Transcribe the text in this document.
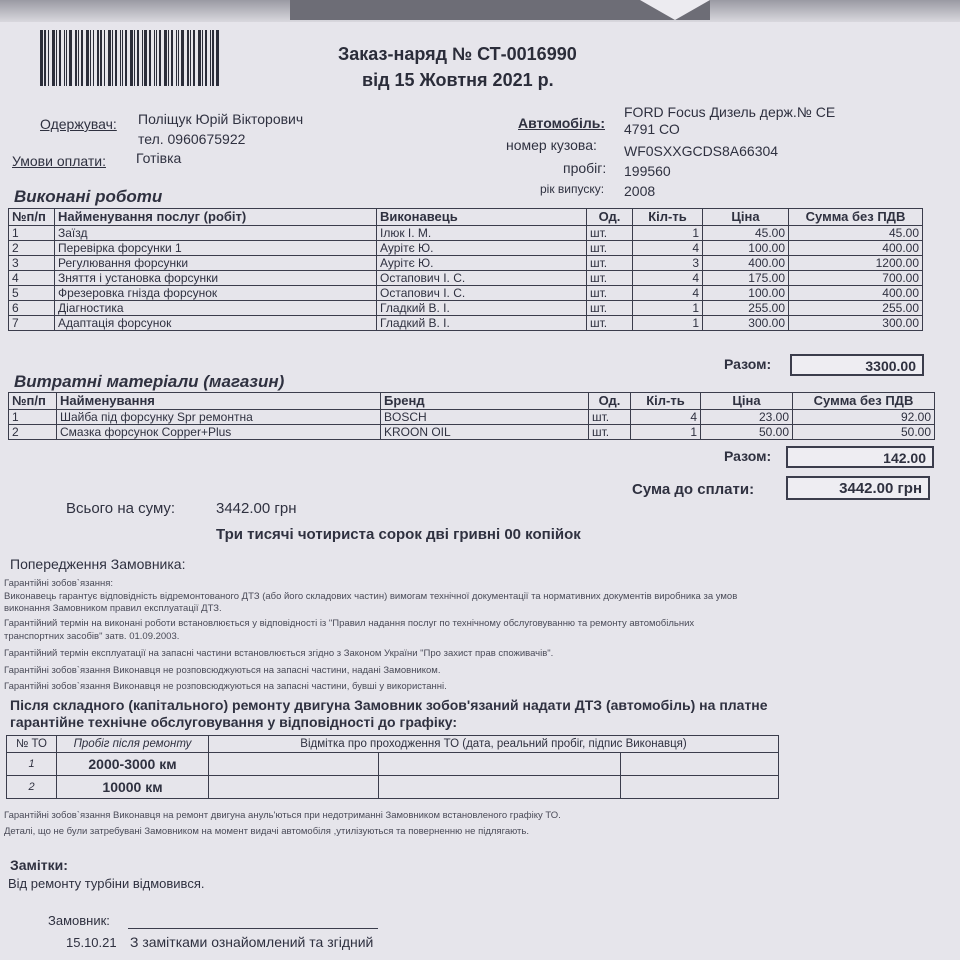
Заказ-наряд № СТ-0016990
від 15 Жовтня 2021 р.
Одержувач: Поліщук Юрій Вікторович
тел. 0960675922
Умови оплати: Готівка
FORD Focus Дизель держ.№ СЕ
Автомобіль: 4791 СО
номер кузова: WF0SXXGCDS8A66304
пробіг: 199560
рік випуску: 2008
Виконані роботи
№п/п	Найменування послуг (робіт)	Виконавець	Од.	Кіл-ть	Ціна	Сумма без ПДВ
1	Заїзд	Ілюк І. М.	шт.	1	45.00	45.00
2	Перевірка форсунки 1	Аурітє Ю.	шт.	4	100.00	400.00
3	Регулювання форсунки	Аурітє Ю.	шт.	3	400.00	1200.00
4	Зняття і установка форсунки	Остапович І. С.	шт.	4	175.00	700.00
5	Фрезеровка гнізда форсунок	Остапович І. С.	шт.	4	100.00	400.00
6	Діагностика	Гладкий В. І.	шт.	1	255.00	255.00
7	Адаптація форсунок	Гладкий В. І.	шт.	1	300.00	300.00
Разом:	3300.00
Витратні матеріали (магазин)
№п/п	Найменування	Бренд	Од.	Кіл-ть	Ціна	Сумма без ПДВ
1	Шайба під форсунку Spr ремонтна	BOSCH	шт.	4	23.00	92.00
2	Смазка форсунок Copper+Plus	KROON OIL	шт.	1	50.00	50.00
Разом:	142.00
Сума до сплати:	3442.00 грн
Всього на суму:	3442.00 грн
Три тисячі чотириста сорок дві гривні 00 копійок
Попередження Замовника:
Гарантійні зобов`язання:
Виконавець гарантує відповідність відремонтованого ДТЗ (або його складових частин) вимогам технічної документації та нормативних документів виробника за умов
виконання Замовником правил експлуатації ДТЗ.
Гарантійний термін на виконані роботи встановлюється у відповідності із "Правил надання послуг по технічному обслуговуванню та ремонту автомобільних
транспортних засобів" затв. 01.09.2003.
Гарантійний термін експлуатації на запасні частини встановлюється згідно з Законом України "Про захист прав споживачів".
Гарантійні зобов`язання Виконавця не розповсюджуються на запасні частини, надані Замовником.
Гарантійні зобов`язання Виконавця не розповсюджуються на запасні частини, бувші у використанні.
Після складного (капітального) ремонту двигуна Замовник зобов'язаний надати ДТЗ (автомобіль) на платне
гарантійне технічне обслуговування у відповідності до графіку:
№ ТО	Пробіг після ремонту	Відмітка про проходження ТО (дата, реальний пробіг, підпис Виконавця)		
1	2000-3000 км			
2	10000 км			
Гарантійні зобов`язання Виконавця на ремонт двигуна ануль'ються при недотриманні Замовником встановленого графіку ТО.
Деталі, що не були затребувані Замовником на момент видачі автомобіля ,утилізуються та поверненню не підлягають.
Замітки:
Від ремонту турбіни відмовився.
Замовник:
15.10.21 З замітками ознайомлений та згідний
